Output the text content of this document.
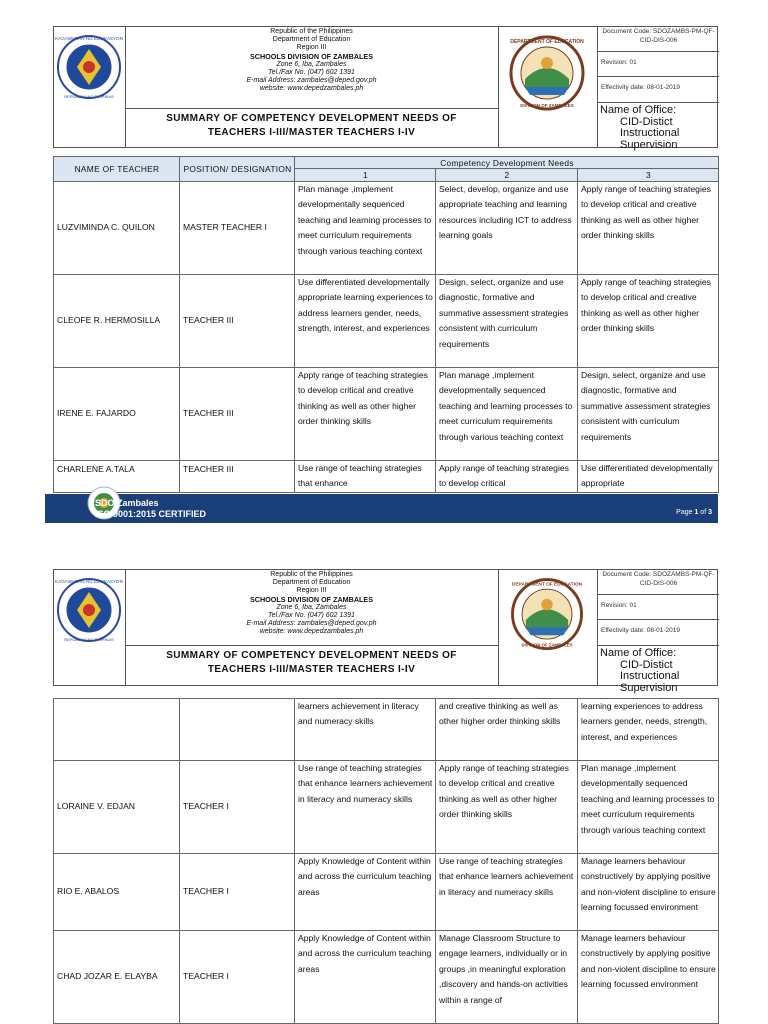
KAGAWARAN NG EDUKASYON
REPUBLIKA NG PILIPINAS
Republic of the Philippines
Department of Education
Region III
SCHOOLS DIVISION OF ZAMBALES
Zone 6, Iba, Zambales
Tel./Fax No. (047) 602 1391
E-mail Address: zambales@deped.gov.ph
website: www.depedzambales.ph
SUMMARY OF COMPETENCY DEVELOPMENT NEEDS OF
TEACHERS I-III/MASTER TEACHERS I-IV
DEPARTMENT OF EDUCATION
DIVISION OF ZAMBALES
Document Code: SDOZAMBS-PM-QF-CID-DIS-006
Revision: 01
Effectivity date: 08-01-2019
Name of Office:
CID-Distict Instructional Supervision
NAME OF TEACHER	POSITION/ DESIGNATION	Competency Development Needs		
		1	2	3
LUZVIMINDA C. QUILON	MASTER TEACHER I	Plan manage ,implement developmentally sequenced teaching and learning processes to meet curriculum requirements through various teaching context	Select, develop, organize and use appropriate teaching and learning resources including ICT to address learning goals	Apply range of teaching strategies to develop critical and creative thinking as well as other higher order thinking skills
CLEOFE R. HERMOSILLA	TEACHER III	Use differentiated developmentally appropriate learning experiences to address learners gender, needs, strength, interest, and experiences	Design, select, organize and use diagnostic, formative and summative assessment strategies consistent with curriculum requirements	Apply range of teaching strategies to develop critical and creative thinking as well as other higher order thinking skills
IRENE E. FAJARDO	TEACHER III	Apply range of teaching strategies to develop critical and creative thinking as well as other higher order thinking skills	Plan manage ,implement developmentally sequenced teaching and learning processes to meet curriculum requirements through various teaching context	Design, select, organize and use diagnostic, formative and summative assessment strategies consistent with curriculum requirements
CHARLENE A.TALA	TEACHER III	Use range of teaching strategies that enhance	Apply range of teaching strategies to develop critical	Use differentiated developmentally appropriate
SDO Zambales
ISO 9001:2015 CERTIFIED	Page 1 of 3
KAGAWARAN NG EDUKASYON
REPUBLIKA NG PILIPINAS
Republic of the Philippines
Department of Education
Region III
SCHOOLS DIVISION OF ZAMBALES
Zone 6, Iba, Zambales
Tel./Fax No. (047) 602 1391
E-mail Address: zambales@deped.gov.ph
website: www.depedzambales.ph
SUMMARY OF COMPETENCY DEVELOPMENT NEEDS OF
TEACHERS I-III/MASTER TEACHERS I-IV
DEPARTMENT OF EDUCATION
DIVISION OF ZAMBALES
Document Code: SDOZAMBS-PM-QF-CID-DIS-006
Revision: 01
Effectivity date: 08-01-2019
Name of Office:
CID-Distict Instructional Supervision
		learners achievement in literacy and numeracy skills	and creative thinking as well as other higher order thinking skills	learning experiences to address learners gender, needs, strength, interest, and experiences
LORAINE V. EDJAN	TEACHER I	Use range of teaching strategies that enhance learners achievement in literacy and numeracy skills	Apply range of teaching strategies to develop critical and creative thinking as well as other higher order thinking skills	Plan manage ,implement developmentally sequenced teaching and learning processes to meet curriculum requirements through various teaching context
RIO E. ABALOS	TEACHER I	Apply Knowledge of Content within and across the curriculum teaching areas	Use range of teaching strategies that enhance learners achievement in literacy and numeracy skills	Manage learners behaviour constructively by applying positive and non-violent discipline to ensure learning focussed environment
CHAD JOZAR E. ELAYBA	TEACHER I	Apply Knowledge of Content within and across the curriculum teaching areas	Manage Classroom Structure to engage learners, individually or in groups ,in meaningful exploration ,discovery and hands-on activities within a range of	Manage learners behaviour constructively by applying positive and non-violent discipline to ensure learning focussed environment
